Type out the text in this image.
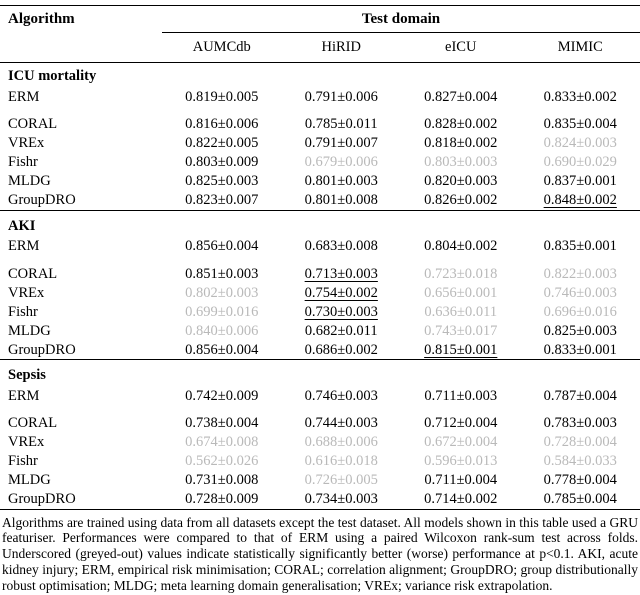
Algorithm	Test domain			
	AUMCdb	HiRID	eICU	MIMIC
ICU mortality				
ERM	0.819±0.005	0.791±0.006	0.827±0.004	0.833±0.002
CORAL	0.816±0.006	0.785±0.011	0.828±0.002	0.835±0.004
VREx	0.822±0.005	0.791±0.007	0.818±0.002	0.824±0.003
Fishr	0.803±0.009	0.679±0.006	0.803±0.003	0.690±0.029
MLDG	0.825±0.003	0.801±0.003	0.820±0.003	0.837±0.001
GroupDRO	0.823±0.007	0.801±0.008	0.826±0.002	0.848±0.002
AKI				
ERM	0.856±0.004	0.683±0.008	0.804±0.002	0.835±0.001
CORAL	0.851±0.003	0.713±0.003	0.723±0.018	0.822±0.003
VREx	0.802±0.003	0.754±0.002	0.656±0.001	0.746±0.003
Fishr	0.699±0.016	0.730±0.003	0.636±0.011	0.696±0.016
MLDG	0.840±0.006	0.682±0.011	0.743±0.017	0.825±0.003
GroupDRO	0.856±0.004	0.686±0.002	0.815±0.001	0.833±0.001
Sepsis				
ERM	0.742±0.009	0.746±0.003	0.711±0.003	0.787±0.004
CORAL	0.738±0.004	0.744±0.003	0.712±0.004	0.783±0.003
VREx	0.674±0.008	0.688±0.006	0.672±0.004	0.728±0.004
Fishr	0.562±0.026	0.616±0.018	0.596±0.013	0.584±0.033
MLDG	0.731±0.008	0.726±0.005	0.711±0.004	0.778±0.004
GroupDRO	0.728±0.009	0.734±0.003	0.714±0.002	0.785±0.004
Algorithms are trained using data from all datasets except the test dataset. All models shown in this table used a GRU featuriser. Performances were compared to that of ERM using a paired Wilcoxon rank-sum test across folds. Underscored (greyed-out) values indicate statistically significantly better (worse) performance at p<0.1. AKI, acute kidney injury; ERM, empirical risk minimisation; CORAL; correlation alignment; GroupDRO; group distributionally robust optimisation; MLDG; meta learning domain generalisation; VREx; variance risk extrapolation.
